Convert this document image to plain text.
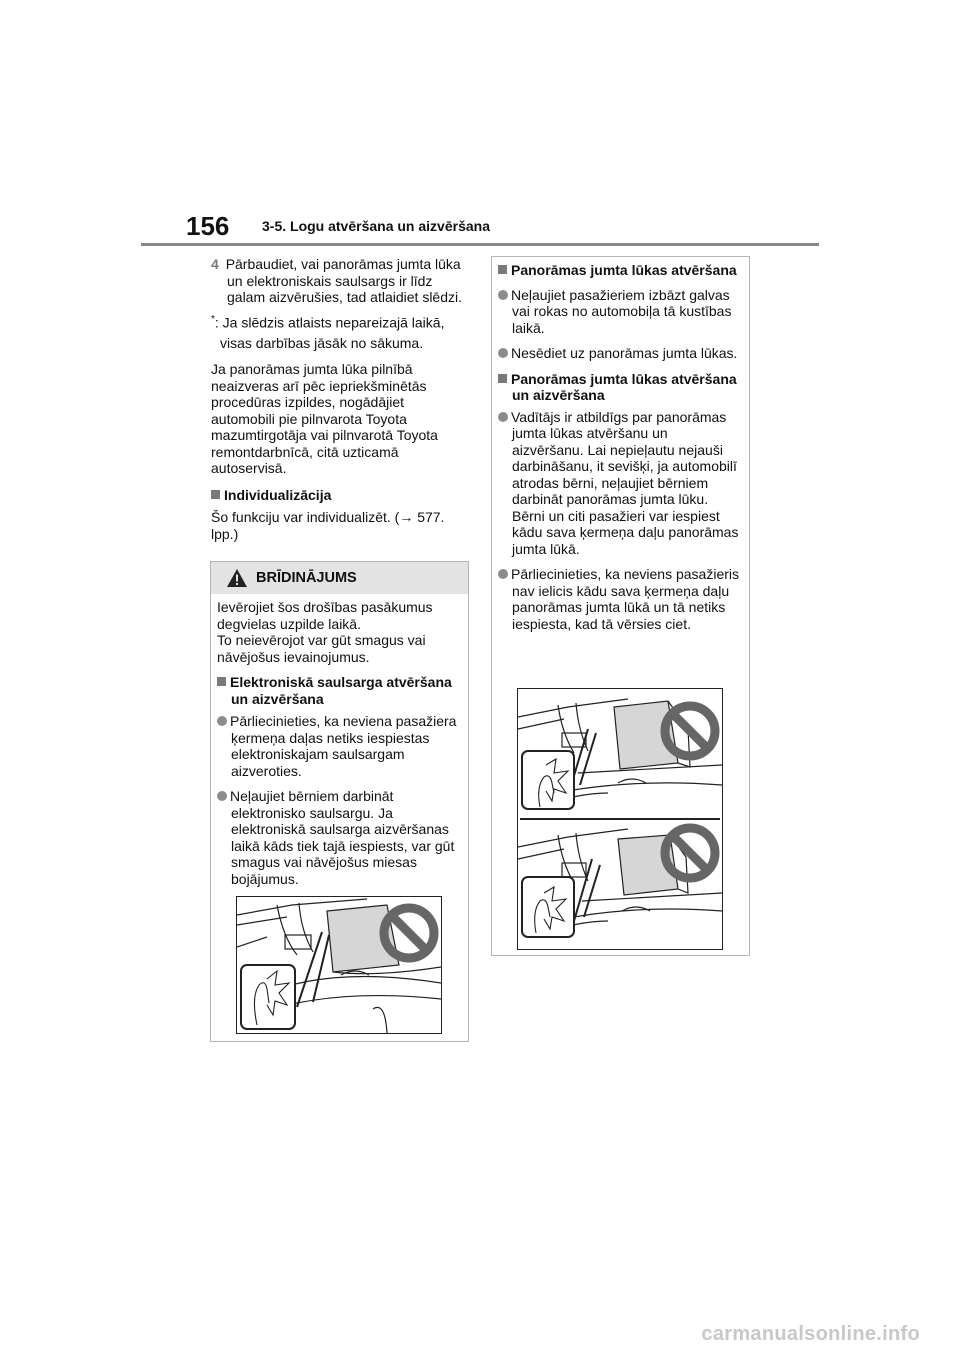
156 3-5. Logu atvēršana un aizvēršana
4 Pārbaudiet, vai panorāmas jumta lūka un elektroniskais saulsargs ir līdz galam aizvērušies, tad atlaidiet slēdzi.
*: Ja slēdzis atlaists nepareizajā laikā,
visas darbības jāsāk no sākuma.
Ja panorāmas jumta lūka pilnībā neaizveras arī pēc iepriekšminētās procedūras izpildes, nogādājiet automobili pie pilnvarota Toyota mazumtirgotāja vai pilnvarotā Toyota remontdarbnīcā, citā uzticamā autoservisā.
Individualizācija
Šo funkciju var individualizēt. (→ 577. lpp.)
BRĪDINĀJUMS
Ievērojiet šos drošības pasākumus degvielas uzpilde laikā.
To neievērojot var gūt smagus vai nāvējošus ievainojumus.
Elektroniskā saulsarga atvēršana un aizvēršana
Pārliecinieties, ka neviena pasažiera ķermeņa daļas netiks iespiestas elektroniskajam saulsargam aizveroties.
Neļaujiet bērniem darbināt elektronisko saulsargu. Ja elektroniskā saulsarga aizvēršanas laikā kāds tiek tajā iespiests, var gūt smagus vai nāvējošus miesas bojājumus.
Panorāmas jumta lūkas atvēršana
Neļaujiet pasažieriem izbāzt galvas vai rokas no automobiļa tā kustības laikā.
Nesēdiet uz panorāmas jumta lūkas.
Panorāmas jumta lūkas atvēršana un aizvēršana
Vadītājs ir atbildīgs par panorāmas jumta lūkas atvēršanu un aizvēršanu. Lai nepieļautu nejauši darbināšanu, it sevišķi, ja automobilī atrodas bērni, neļaujiet bērniem darbināt panorāmas jumta lūku. Bērni un citi pasažieri var iespiest kādu sava ķermeņa daļu panorāmas jumta lūkā.
Pārliecinieties, ka neviens pasažieris nav ielicis kādu sava ķermeņa daļu panorāmas jumta lūkā un tā netiks iespiesta, kad tā vērsies ciet.
carmanualsonline.info
